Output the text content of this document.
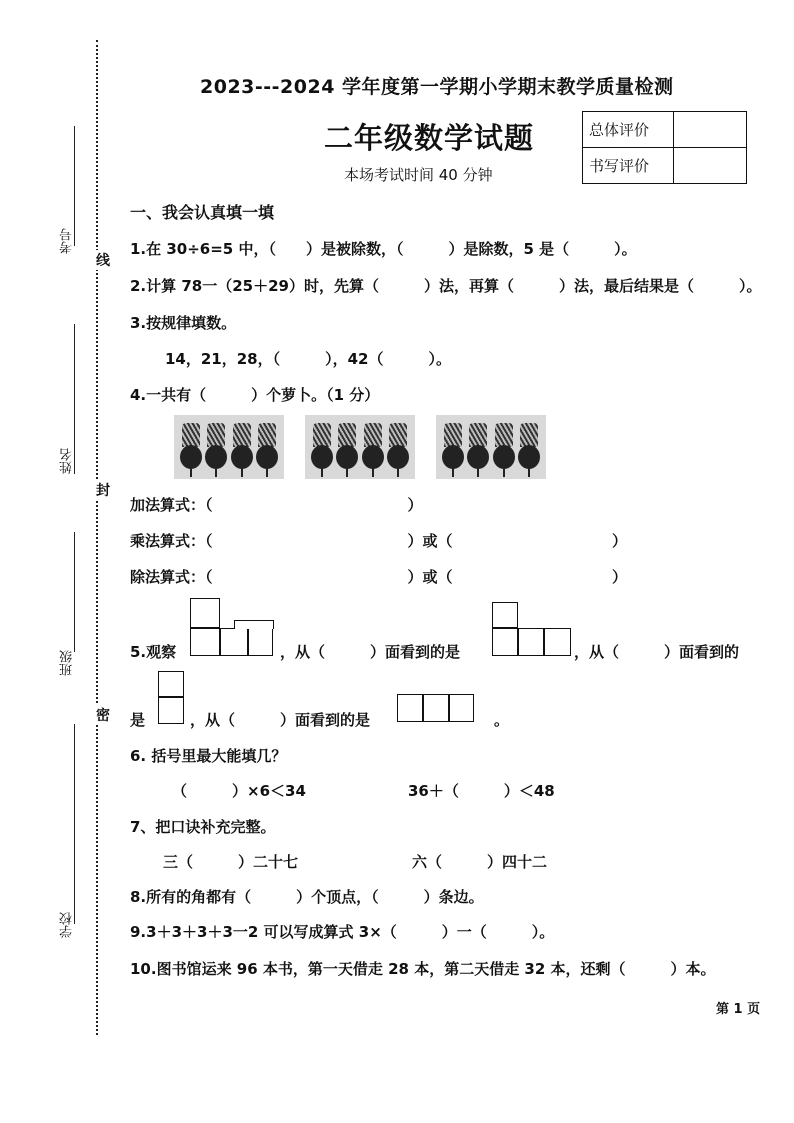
考号
姓名
班级
学校
线
封
密
2023---2024 学年度第一学期小学期末教学质量检测
二年级数学试题
本场考试时间 40 分钟
总体评价	
书写评价	
一、我会认真填一填
1.在 30÷6=5 中，（　　）是被除数，（　　　）是除数，5 是（　　　）。
2.计算 78一（25＋29）时，先算（　　　）法，再算（　　　）法，最后结果是（　　　）。
3.按规律填数。
14，21，28，（　　　），42（　　　）。
4.一共有（　　　）个萝卜。（1 分）
加法算式：（　　　　　　　　　　　　　）
乘法算式：（　　　　　　　　　　　　　）或（	）
除法算式：（　　　　　　　　　　　　　）或（	）
5.观察	，从（　　　）面看到的是	，从（　　　）面看到的
是	，从（　　　）面看到的是	。
6. 括号里最大能填几？
（　　　）×6＜34	36＋（　　　）＜48
7、把口诀补充完整。
三（　　　）二十七	六（　　　）四十二
8.所有的角都有（　　　）个顶点，（　　　）条边。
9.3＋3＋3＋3一2 可以写成算式 3×（　　　）一（　　　）。
10.图书馆运来 96 本书，第一天借走 28 本，第二天借走 32 本，还剩（　　　）本。
第 1 页
